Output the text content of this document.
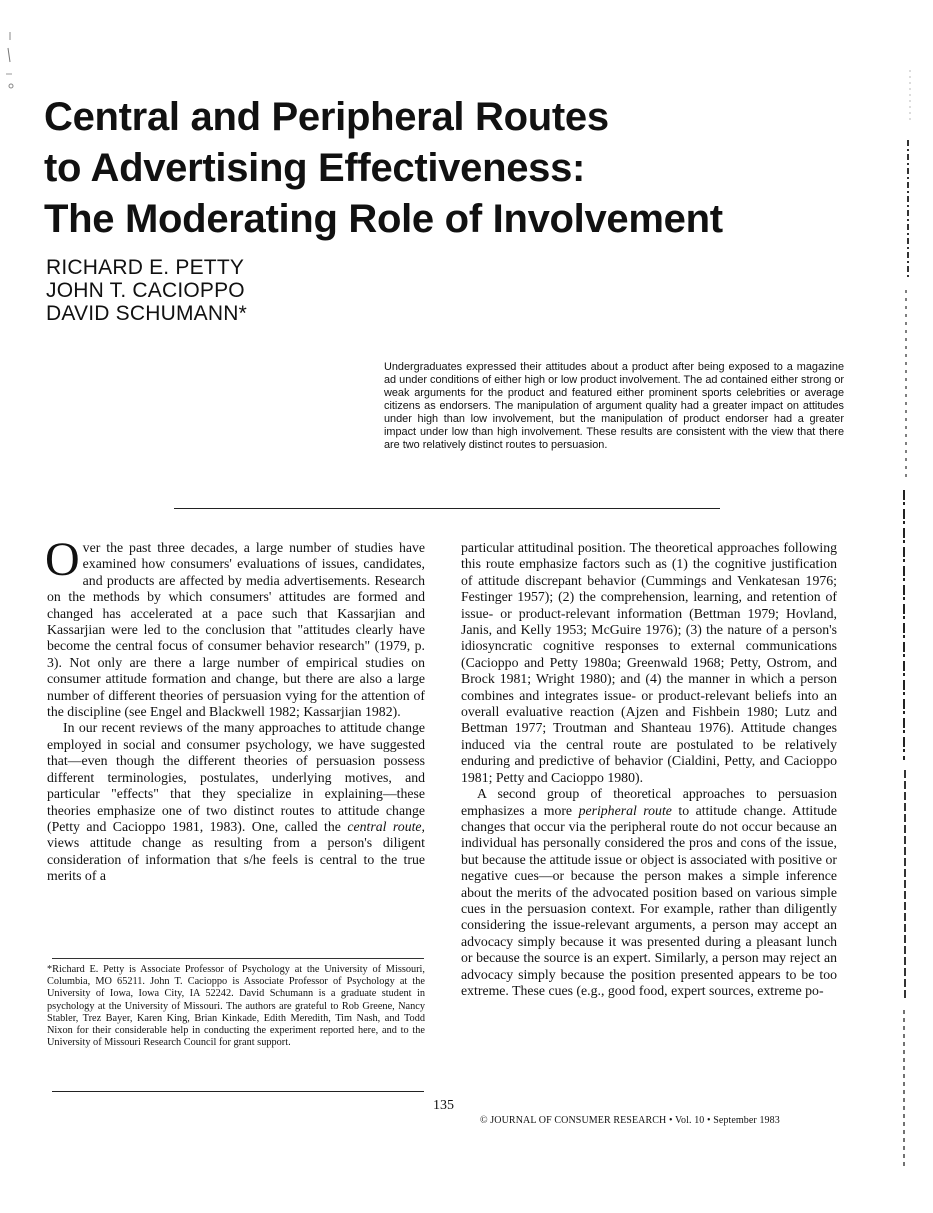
Central and Peripheral Routes
to Advertising Effectiveness:
The Moderating Role of Involvement
RICHARD E. PETTY
JOHN T. CACIOPPO
DAVID SCHUMANN*
Undergraduates expressed their attitudes about a product after being exposed to a magazine ad under conditions of either high or low product involvement. The ad contained either strong or weak arguments for the product and featured either prominent sports celebrities or average citizens as endorsers. The manipulation of argument quality had a greater impact on attitudes under high than low involvement, but the manipulation of product endorser had a greater impact under low than high involvement. These results are consistent with the view that there are two relatively distinct routes to persuasion.

Over the past three decades, a large number of studies have examined how consumers' evaluations of issues, candidates, and products are affected by media advertisements. Research on the methods by which consumers' attitudes are formed and changed has accelerated at a pace such that Kassarjian and Kassarjian were led to the conclusion that "attitudes clearly have become the central focus of consumer behavior research" (1979, p. 3). Not only are there a large number of empirical studies on consumer attitude formation and change, but there are also a large number of different theories of persuasion vying for the attention of the discipline (see Engel and Blackwell 1982; Kassarjian 1982).

In our recent reviews of the many approaches to attitude change employed in social and consumer psychology, we have suggested that—even though the different theories of persuasion possess different terminologies, postulates, underlying motives, and particular "effects" that they specialize in explaining—these theories emphasize one of two distinct routes to attitude change (Petty and Cacioppo 1981, 1983). One, called the central route, views attitude change as resulting from a person's diligent consideration of information that s/he feels is central to the true merits of a

*Richard E. Petty is Associate Professor of Psychology at the University of Missouri, Columbia, MO 65211. John T. Cacioppo is Associate Professor of Psychology at the University of Iowa, Iowa City, IA 52242. David Schumann is a graduate student in psychology at the University of Missouri. The authors are grateful to Rob Greene, Nancy Stabler, Trez Bayer, Karen King, Brian Kinkade, Edith Meredith, Tim Nash, and Todd Nixon for their considerable help in conducting the experiment reported here, and to the University of Missouri Research Council for grant support.

particular attitudinal position. The theoretical approaches following this route emphasize factors such as (1) the cognitive justification of attitude discrepant behavior (Cummings and Venkatesan 1976; Festinger 1957); (2) the comprehension, learning, and retention of issue- or product-relevant information (Bettman 1979; Hovland, Janis, and Kelly 1953; McGuire 1976); (3) the nature of a person's idiosyncratic cognitive responses to external communications (Cacioppo and Petty 1980a; Greenwald 1968; Petty, Ostrom, and Brock 1981; Wright 1980); and (4) the manner in which a person combines and integrates issue- or product-relevant beliefs into an overall evaluative reaction (Ajzen and Fishbein 1980; Lutz and Bettman 1977; Troutman and Shanteau 1976). Attitude changes induced via the central route are postulated to be relatively enduring and predictive of behavior (Cialdini, Petty, and Cacioppo 1981; Petty and Cacioppo 1980).

A second group of theoretical approaches to persuasion emphasizes a more peripheral route to attitude change. Attitude changes that occur via the peripheral route do not occur because an individual has personally considered the pros and cons of the issue, but because the attitude issue or object is associated with positive or negative cues—or because the person makes a simple inference about the merits of the advocated position based on various simple cues in the persuasion context. For example, rather than diligently considering the issue-relevant arguments, a person may accept an advocacy simply because it was presented during a pleasant lunch or because the source is an expert. Similarly, a person may reject an advocacy simply because the position presented appears to be too extreme. These cues (e.g., good food, expert sources, extreme po-

135
© JOURNAL OF CONSUMER RESEARCH • Vol. 10 • September 1983
